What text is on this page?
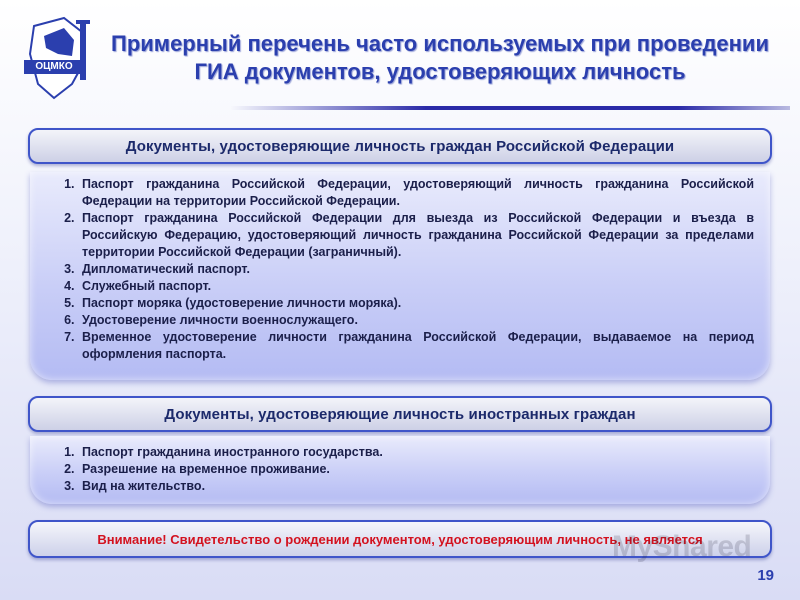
ОЦМКО
Примерный перечень часто используемых при проведении
ГИА документов, удостоверяющих личность
Документы, удостоверяющие личность граждан Российской Федерации
1. Паспорт гражданина Российской Федерации, удостоверяющий личность гражданина Российской Федерации на территории Российской Федерации.
2. Паспорт гражданина Российской Федерации для выезда из Российской Федерации и въезда в Российскую Федерацию, удостоверяющий личность гражданина Российской Федерации за пределами территории Российской Федерации (заграничный).
3. Дипломатический паспорт.
4. Служебный паспорт.
5. Паспорт моряка (удостоверение личности моряка).
6. Удостоверение личности военнослужащего.
7. Временное удостоверение личности гражданина Российской Федерации, выдаваемое на период оформления паспорта.
Документы, удостоверяющие личность иностранных граждан
1. Паспорт гражданина иностранного государства.
2. Разрешение на временное проживание.
3. Вид на жительство.
Внимание! Свидетельство о рождении документом, удостоверяющим личность, не является
MyShared
19
